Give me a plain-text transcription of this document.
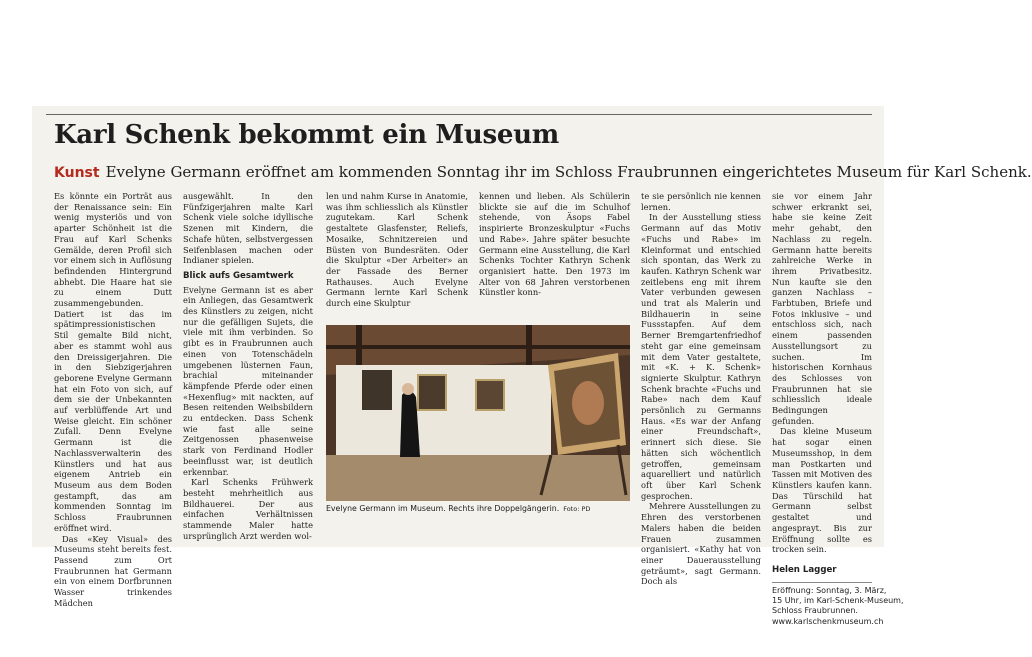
Karl Schenk bekommt ein Museum
Kunst Evelyne Germann eröffnet am kommenden Sonntag ihr im Schloss Fraubrunnen eingerichtetes Museum für Karl Schenk.

Es könnte ein Porträt aus der Renaissance sein: Ein wenig mysteriös und von aparter Schönheit ist die Frau auf Karl Schenks Gemälde, deren Profil sich vor einem sich in Auflösung befindenden Hintergrund abhebt. Die Haare hat sie zu einem Dutt zusammengebunden. Datiert ist das im spätimpressionistischen Stil gemalte Bild nicht, aber es stammt wohl aus den Dreissigerjahren. Die in den Siebzigerjahren geborene Evelyne Germann hat ein Foto von sich, auf dem sie der Unbekannten auf verblüffende Art und Weise gleicht. Ein schöner Zufall. Denn Evelyne Germann ist die Nachlassverwalterin des Künstlers und hat aus eigenem Antrieb ein Museum aus dem Boden gestampft, das am kommenden Sonntag im Schloss Fraubrunnen eröffnet wird.

Das «Key Visual» des Museums steht bereits fest. Passend zum Ort Fraubrunnen hat Germann ein von einem Dorfbrunnen Wasser trinkendes Mädchen

ausgewählt. In den Fünfzigerjahren malte Karl Schenk viele solche idyllische Szenen mit Kindern, die Schafe hüten, selbstvergessen Seifenblasen machen oder Indianer spielen.

Blick aufs Gesamtwerk

Evelyne Germann ist es aber ein Anliegen, das Gesamtwerk des Künstlers zu zeigen, nicht nur die gefälligen Sujets, die viele mit ihm verbinden. So gibt es in Fraubrunnen auch einen von Totenschädeln umgebenen lüsternen Faun, brachial miteinander kämpfende Pferde oder einen «Hexenflug» mit nackten, auf Besen reitenden Weibsbildern zu entdecken. Dass Schenk wie fast alle seine Zeitgenossen phasenweise stark von Ferdinand Hodler beeinflusst war, ist deutlich erkennbar.

Karl Schenks Frühwerk besteht mehrheitlich aus Bildhauerei. Der aus einfachen Verhältnissen stammende Maler hatte ursprünglich Arzt werden wol-

len und nahm Kurse in Anatomie, was ihm schliesslich als Künstler zugutekam. Karl Schenk gestaltete Glasfenster, Reliefs, Mosaike, Schnitzereien und Büsten von Bundesräten. Oder die Skulptur «Der Arbeiter» an der Fassade des Berner Rathauses. Auch Evelyne Germann lernte Karl Schenk durch eine Skulptur

kennen und lieben. Als Schülerin blickte sie auf die im Schulhof stehende, von Äsops Fabel inspirierte Bronzeskulptur «Fuchs und Rabe». Jahre später besuchte Germann eine Ausstellung, die Karl Schenks Tochter Kathryn Schenk organisiert hatte. Den 1973 im Alter von 68 Jahren verstorbenen Künstler konn-

Evelyne Germann im Museum. Rechts ihre Doppelgängerin. Foto: PD

te sie persönlich nie kennen lernen.

In der Ausstellung stiess Germann auf das Motiv «Fuchs und Rabe» im Kleinformat und entschied sich spontan, das Werk zu kaufen. Kathryn Schenk war zeitlebens eng mit ihrem Vater verbunden gewesen und trat als Malerin und Bildhauerin in seine Fussstapfen. Auf dem Berner Bremgartenfriedhof steht gar eine gemeinsam mit dem Vater gestaltete, mit «K. + K. Schenk» signierte Skulptur. Kathryn Schenk brachte «Fuchs und Rabe» nach dem Kauf persönlich zu Germanns Haus. «Es war der Anfang einer Freundschaft», erinnert sich diese. Sie hätten sich wöchentlich getroffen, gemeinsam aquarelliert und natürlich oft über Karl Schenk gesprochen.

Mehrere Ausstellungen zu Ehren des verstorbenen Malers haben die beiden Frauen zusammen organisiert. «Kathy hat von einer Dauerausstellung geträumt», sagt Germann. Doch als

sie vor einem Jahr schwer erkrankt sei, habe sie keine Zeit mehr gehabt, den Nachlass zu regeln. Germann hatte bereits zahlreiche Werke in ihrem Privatbesitz. Nun kaufte sie den ganzen Nachlass – Farbtuben, Briefe und Fotos inklusive – und entschloss sich, nach einem passenden Ausstellungsort zu suchen. Im historischen Kornhaus des Schlosses von Fraubrunnen hat sie schliesslich ideale Bedingungen gefunden.

Das kleine Museum hat sogar einen Museumsshop, in dem man Postkarten und Tassen mit Motiven des Künstlers kaufen kann. Das Türschild hat Germann selbst gestaltet und angesprayt. Bis zur Eröffnung sollte es trocken sein.

Helen Lagger
Eröffnung: Sonntag, 3. März,
15 Uhr, im Karl-Schenk-Museum,
Schloss Fraubrunnen.
www.karlschenkmuseum.ch
